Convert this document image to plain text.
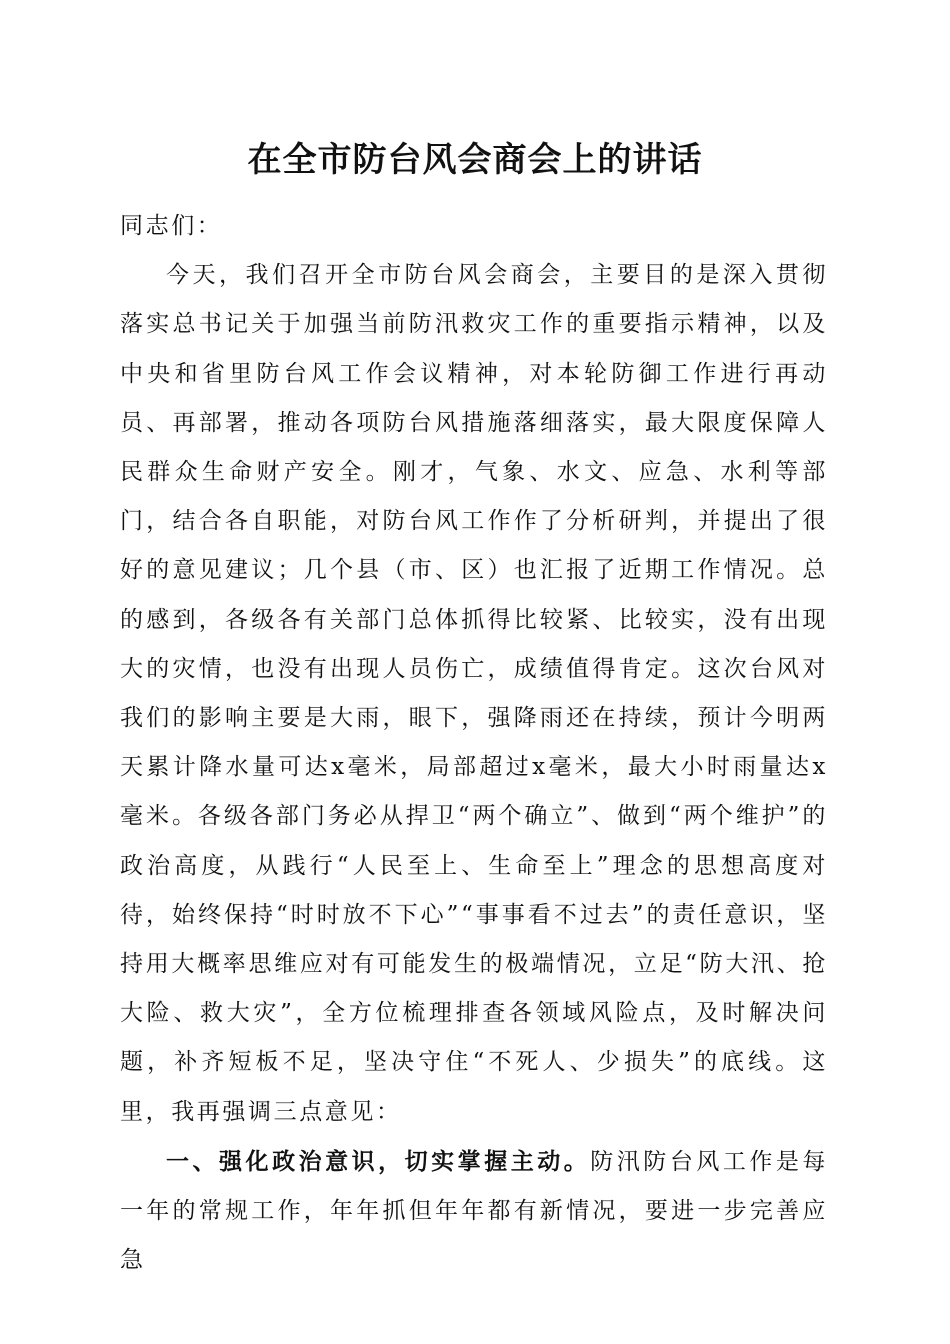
在全市防台风会商会上的讲话

同志们：

今天，我们召开全市防台风会商会，主要目的是深入贯彻落实总书记关于加强当前防汛救灾工作的重要指示精神，以及中央和省里防台风工作会议精神，对本轮防御工作进行再动员、再部署，推动各项防台风措施落细落实，最大限度保障人民群众生命财产安全。刚才，气象、水文、应急、水利等部门，结合各自职能，对防台风工作作了分析研判，并提出了很好的意见建议；几个县（市、区）也汇报了近期工作情况。总的感到，各级各有关部门总体抓得比较紧、比较实，没有出现大的灾情，也没有出现人员伤亡，成绩值得肯定。这次台风对我们的影响主要是大雨，眼下，强降雨还在持续，预计今明两天累计降水量可达x毫米，局部超过x毫米，最大小时雨量达x毫米。各级各部门务必从捍卫“两个确立”、做到“两个维护”的政治高度，从践行“人民至上、生命至上”理念的思想高度对待，始终保持“时时放不下心”“事事看不过去”的责任意识，坚持用大概率思维应对有可能发生的极端情况，立足“防大汛、抢大险、救大灾”，全方位梳理排查各领域风险点，及时解决问题，补齐短板不足，坚决守住“不死人、少损失”的底线。这里，我再强调三点意见：

一、强化政治意识，切实掌握主动。防汛防台风工作是每一年的常规工作，年年抓但年年都有新情况，要进一步完善应急
